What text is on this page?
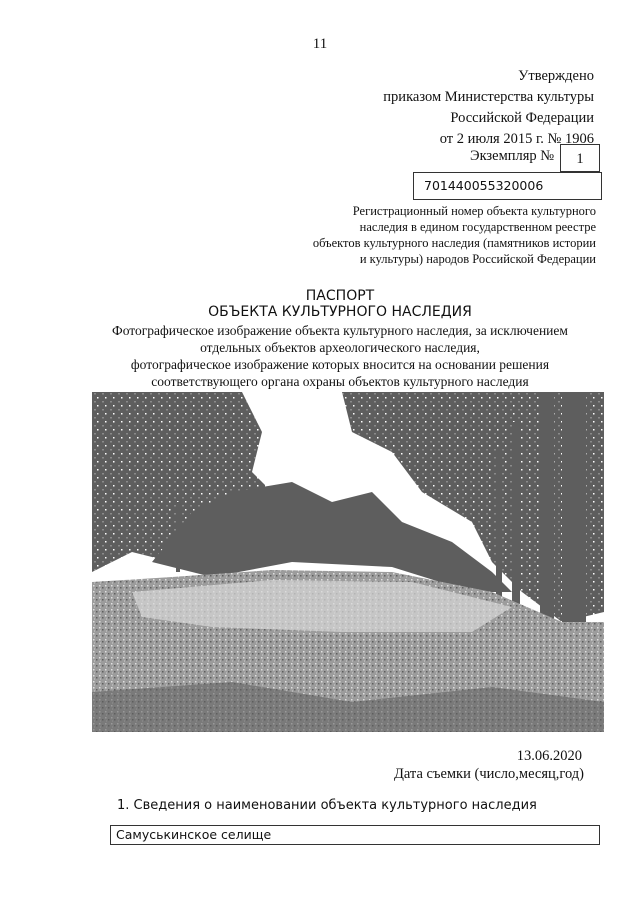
11
Утверждено
приказом Министерства культуры
Российской Федерации
от 2 июля 2015 г. № 1906
Экземпляр №	1
701440055320006
Регистрационный номер объекта культурного
наследия в едином государственном реестре
объектов культурного наследия (памятников истории
и культуры) народов Российской Федерации
ПАСПОРТ
ОБЪЕКТА КУЛЬТУРНОГО НАСЛЕДИЯ
Фотографическое изображение объекта культурного наследия, за исключением
отдельных объектов археологического наследия,
фотографическое изображение которых вносится на основании решения
соответствующего органа охраны объектов культурного наследия
13.06.2020
Дата съемки (число,месяц,год)
1. Сведения о наименовании объекта культурного наследия
Самуськинское селище
